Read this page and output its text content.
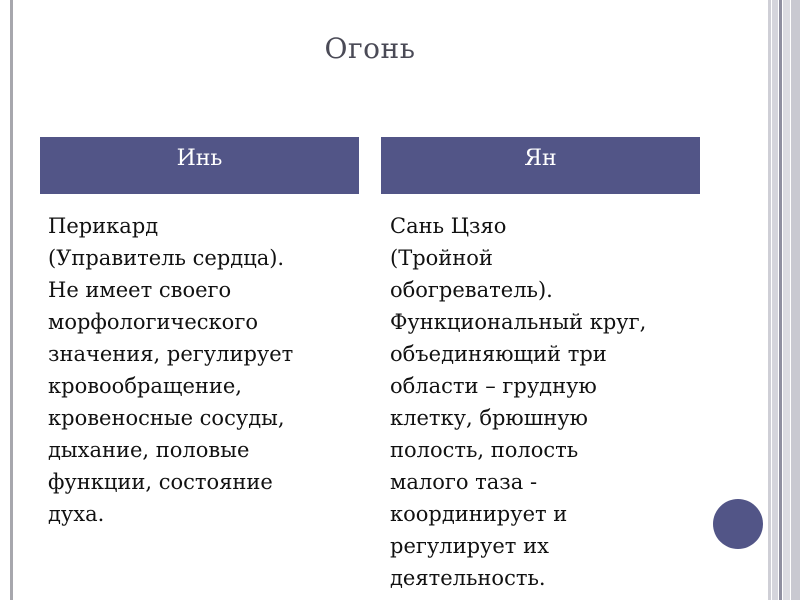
Огонь
Инь	Ян
Перикард
(Управитель сердца).
Не имеет своего
морфологического
значения, регулирует
кровообращение,
кровеносные сосуды,
дыхание, половые
функции, состояние
духа.
Сань Цзяо
(Тройной
обогреватель).
Функциональный круг,
объединяющий три
области – грудную
клетку, брюшную
полость, полость
малого таза -
координирует и
регулирует их
деятельность.
